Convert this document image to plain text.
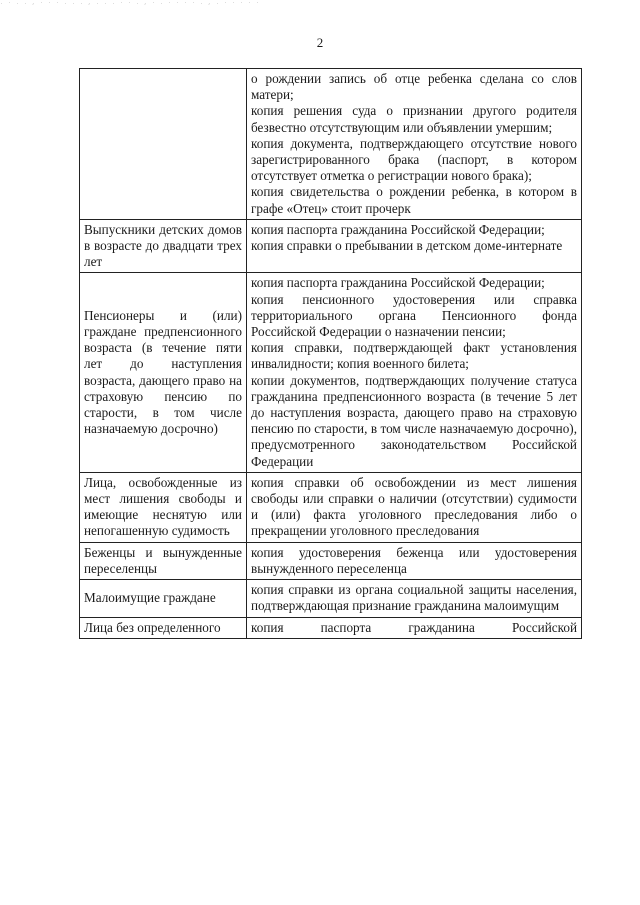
. · . . , · · · . . . , . . . · · . , · . · · · · . , . · · · · ·
2

	о рождении запись об отце ребенка сделана со слов матери;
копия решения суда о признании другого родителя безвестно отсутствующим или объявлении умершим;
копия документа, подтверждающего отсутствие нового зарегистрированного брака (паспорт, в котором отсутствует отметка о регистрации нового брака);
копия свидетельства о рождении ребенка, в котором в графе «Отец» стоит прочерк

Выпускники детских домов в возрасте до двадцати трех лет	копия паспорта гражданина Российской Федерации;
копия справки о пребывании в детском доме-интернате

Пенсионеры и (или) граждане предпенсионного возраста (в течение пяти лет до наступления возраста, дающего право на страховую пенсию по старости, в том числе назначаемую досрочно)	копия паспорта гражданина Российской Федерации;
копия пенсионного удостоверения или справка территориального органа Пенсионного фонда Российской Федерации о назначении пенсии;
копия справки, подтверждающей факт установления инвалидности; копия военного билета;
копии документов, подтверждающих получение статуса гражданина предпенсионного возраста (в течение 5 лет до наступления возраста, дающего право на страховую пенсию по старости, в том числе назначаемую досрочно), предусмотренного законодательством Российской Федерации

Лица, освобожденные из мест лишения свободы и имеющие неснятую или непогашенную судимость	копия справки об освобождении из мест лишения свободы или справки о наличии (отсутствии) судимости и (или) факта уголовного преследования либо о прекращении уголовного преследования

Беженцы и вынужденные переселенцы	копия удостоверения беженца или удостоверения вынужденного переселенца

Малоимущие граждане	копия справки из органа социальной защиты населения, подтверждающая признание гражданина малоимущим

Лица без определенного	копия паспорта гражданина Российской
